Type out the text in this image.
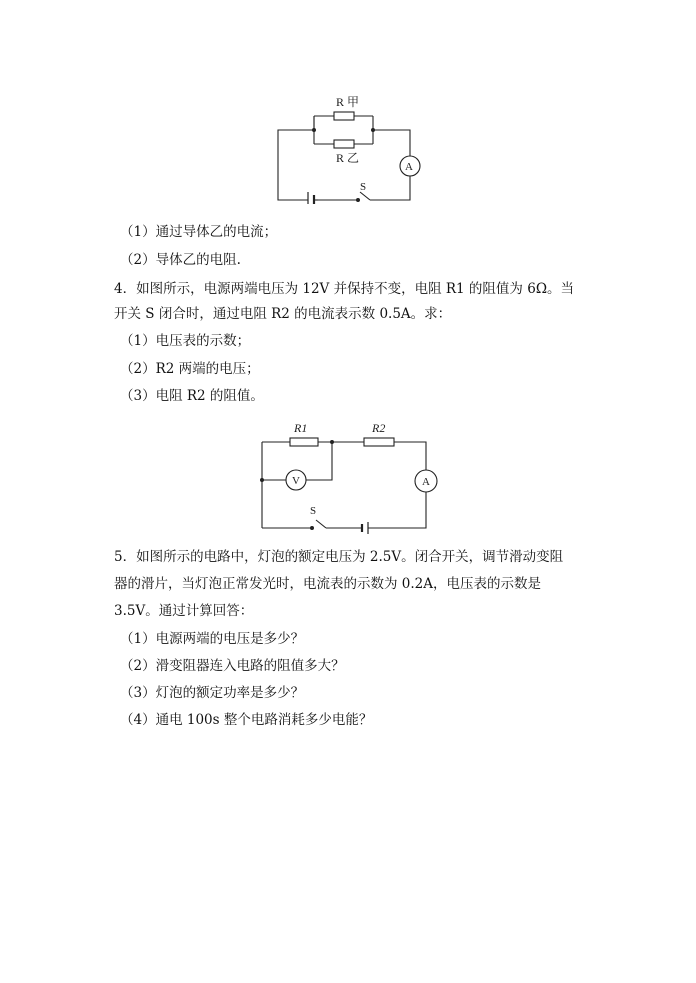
R 甲
R 乙
A
S
（1）通过导体乙的电流；
（2）导体乙的电阻.
4．如图所示，电源两端电压为 12V 并保持不变，电阻 R1 的阻值为 6Ω。当
开关 S 闭合时，通过电阻 R2 的电流表示数 0.5A。求：
（1）电压表的示数；
（2）R2 两端的电压；
（3）电阻 R2 的阻值。
R1	R2
V	A
S
5．如图所示的电路中，灯泡的额定电压为 2.5V。闭合开关，调节滑动变阻
器的滑片，当灯泡正常发光时，电流表的示数为 0.2A，电压表的示数是
3.5V。通过计算回答：
（1）电源两端的电压是多少？
（2）滑变阻器连入电路的阻值多大？
（3）灯泡的额定功率是多少？
（4）通电 100s 整个电路消耗多少电能？
